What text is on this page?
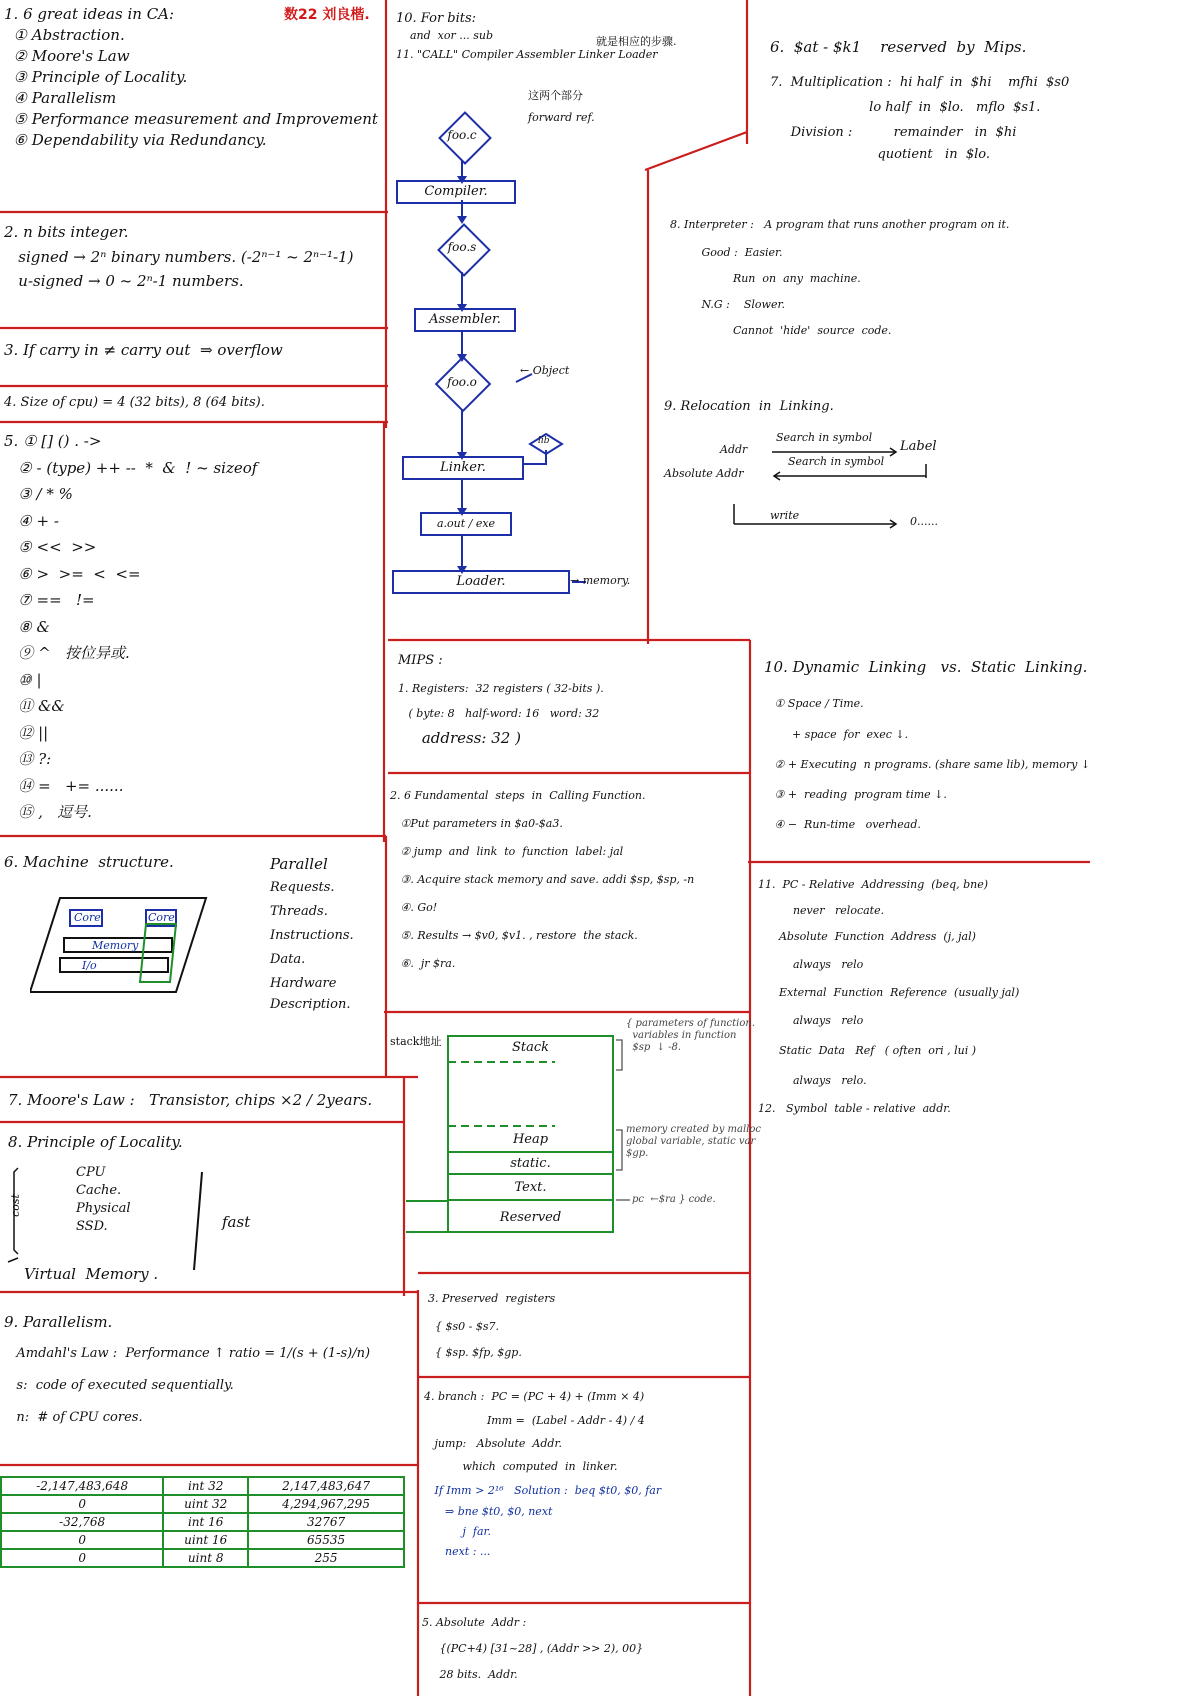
数22 刘良楷.
1. 6 great ideas in CA:
① Abstraction.
② Moore's Law
③ Principle of Locality.
④ Parallelism
⑤ Performance measurement and Improvement
⑥ Dependability via Redundancy.
2. n bits integer.
signed → 2ⁿ binary numbers. (-2ⁿ⁻¹ ~ 2ⁿ⁻¹-1)
u-signed → 0 ~ 2ⁿ-1 numbers.
3. If carry in ≠ carry out  ⇒ overflow
4. Size of cpu) = 4 (32 bits), 8 (64 bits).
5. ① [] () . ->
② - (type) ++ --  *  &  ! ~ sizeof
③ / * %
④ + -
⑤ <<  >>
⑥ >  >=  <  <=
⑦ ==   !=
⑧ &
⑨ ^   按位异或.
⑩ |
⑪ &&
⑫ ||
⑬ ?:
⑭ =   += ......
⑮ ,   逗号.
6. Machine  structure.
Core	Core
Memory
I/o
Parallel
Requests.
Threads.
Instructions.
Data.
Hardware
Description.
7. Moore's Law :   Transistor, chips ×2 / 2years.
8. Principle of Locality.
CPU
Cache.
Physical
SSD.
Virtual  Memory .
cost
fast
9. Parallelism.
Amdahl's Law :  Performance ↑ ratio = 1/(s + (1-s)/n)
s:  code of executed sequentially.
n:  # of CPU cores.
-2,147,483,648	int 32	2,147,483,647
0	uint 32	4,294,967,295
-32,768	int 16	32767
0	uint 16	65535
0	uint 8	255
10. For bits:
and  xor ... sub
11. "CALL" Compiler Assembler Linker Loader
就是相应的步骤.
这两个部分
forward ref.
foo.c
Compiler.
foo.s
Assembler.
foo.o
← Object
Linker.
lib
a.out / exe
Loader.	→ memory.
MIPS :
1. Registers:  32 registers ( 32-bits ).
( byte: 8   half-word: 16   word: 32
address: 32 )
2. 6 Fundamental  steps  in  Calling Function.
①Put parameters in $a0-$a3.
② jump  and  link  to  function  label: jal
③. Acquire stack memory and save. addi $sp, $sp, -n
④. Go!
⑤. Results → $v0, $v1. , restore  the stack.
⑥.  jr $ra.
stack地址	Stack
Heap
static.
Text.
Reserved
{ parameters of function.
variables in function
$sp  ↓ -8.
memory created by malloc
global variable, static var
$gp.
pc  ←$ra } code.
3. Preserved  registers
{ $s0 - $s7.
{ $sp. $fp, $gp.
4. branch :  PC = (PC + 4) + (Imm × 4)
Imm =  (Label - Addr - 4) / 4
jump:   Absolute  Addr.
which  computed  in  linker.
If Imm > 2¹⁶   Solution :  beq $t0, $0, far
⇒ bne $t0, $0, next
j  far.
next : ...
5. Absolute  Addr :
{(PC+4) [31~28] , (Addr >> 2), 00}
28 bits.  Addr.
6.  $at - $k1    reserved  by  Mips.
7.  Multiplication :  hi half  in  $hi    mfhi  $s0
lo half  in  $lo.   mflo  $s1.
Division :          remainder   in  $hi
quotient   in  $lo.
8. Interpreter :   A program that runs another program on it.
Good :  Easier.
Run  on  any  machine.
N.G :    Slower.
Cannot  'hide'  source  code.
9. Relocation  in  Linking.
Addr
Search in symbol
Label
Absolute Addr
Search in symbol
write	0......
10. Dynamic  Linking   vs.  Static  Linking.
① Space / Time.
+ space  for  exec ↓.
② + Executing  n programs. (share same lib), memory ↓
③ +  reading  program time ↓.
④ −  Run-time   overhead.
11.  PC - Relative  Addressing  (beq, bne)
never   relocate.
Absolute  Function  Address  (j, jal)
always   relo
External  Function  Reference  (usually jal)
always   relo
Static  Data   Ref   ( often  ori , lui )
always   relo.
12.   Symbol  table - relative  addr.
